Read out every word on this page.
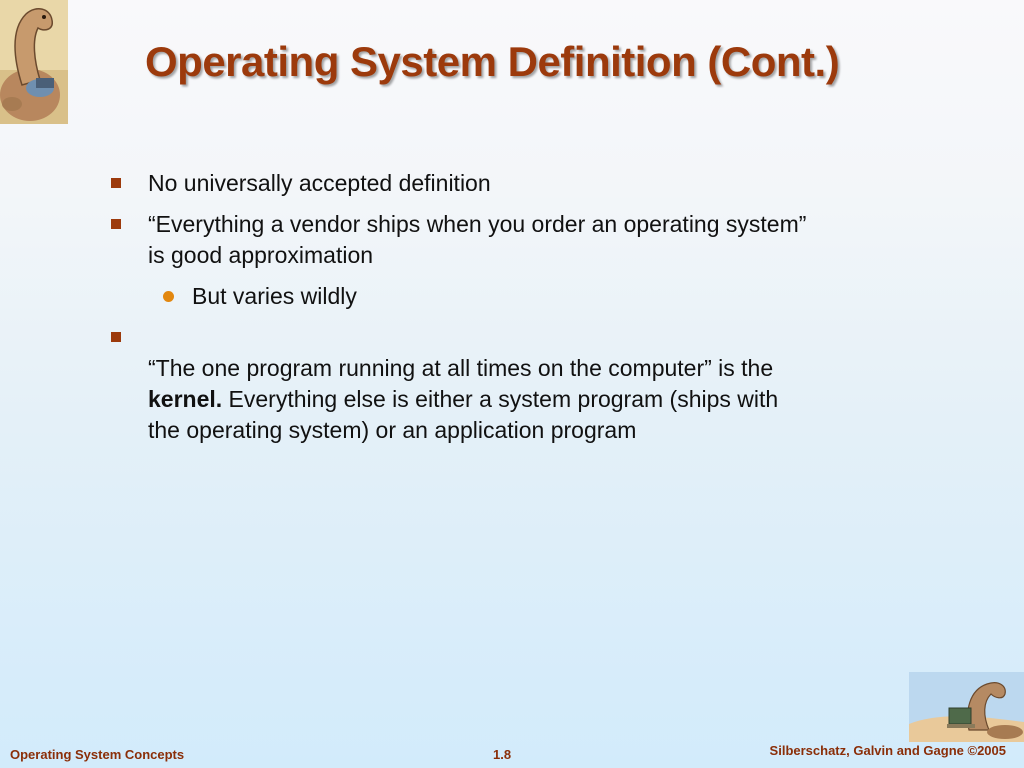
Operating System Definition (Cont.)
No universally accepted definition
“Everything a vendor ships when you order an operating system”
is good approximation
But varies wildly

“The one program running at all times on the computer” is the
kernel. Everything else is either a system program (ships with
the operating system) or an application program

Operating System Concepts	1.8	Silberschatz, Galvin and Gagne ©2005
